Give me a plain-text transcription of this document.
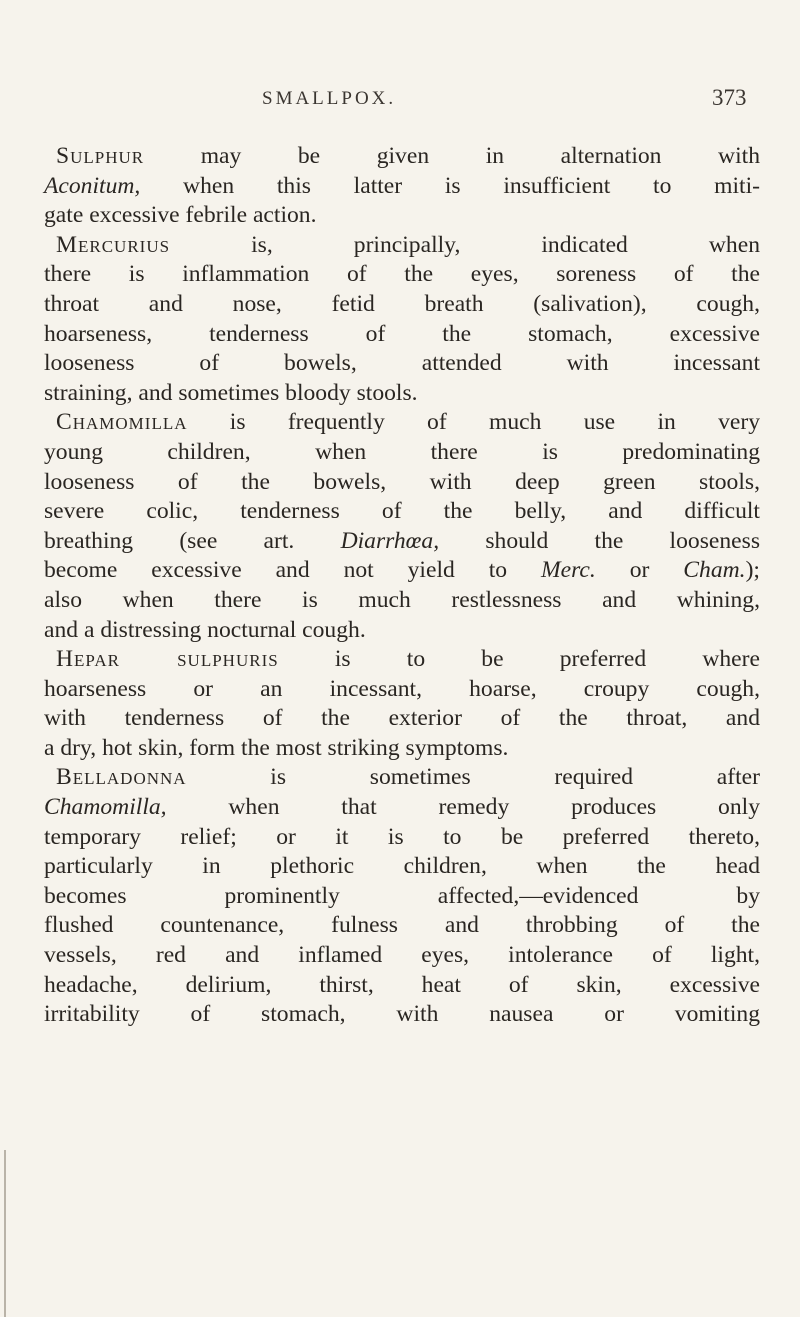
SMALLPOX.	373
Sulphur may be given in alternation with
Aconitum, when this latter is insufficient to miti-
gate excessive febrile action.
Mercurius is, principally, indicated when
there is inflammation of the eyes, soreness of the
throat and nose, fetid breath (salivation), cough,
hoarseness, tenderness of the stomach, excessive
looseness of bowels, attended with incessant
straining, and sometimes bloody stools.
Chamomilla is frequently of much use in very
young children, when there is predominating
looseness of the bowels, with deep green stools,
severe colic, tenderness of the belly, and difficult
breathing (see art. Diarrhœa, should the looseness
become excessive and not yield to Merc. or Cham.);
also when there is much restlessness and whining,
and a distressing nocturnal cough.
Hepar sulphuris is to be preferred where
hoarseness or an incessant, hoarse, croupy cough,
with tenderness of the exterior of the throat, and
a dry, hot skin, form the most striking symptoms.
Belladonna is sometimes required after
Chamomilla, when that remedy produces only
temporary relief; or it is to be preferred thereto,
particularly in plethoric children, when the head
becomes prominently affected,—evidenced by
flushed countenance, fulness and throbbing of the
vessels, red and inflamed eyes, intolerance of light,
headache, delirium, thirst, heat of skin, excessive
irritability of stomach, with nausea or vomiting
